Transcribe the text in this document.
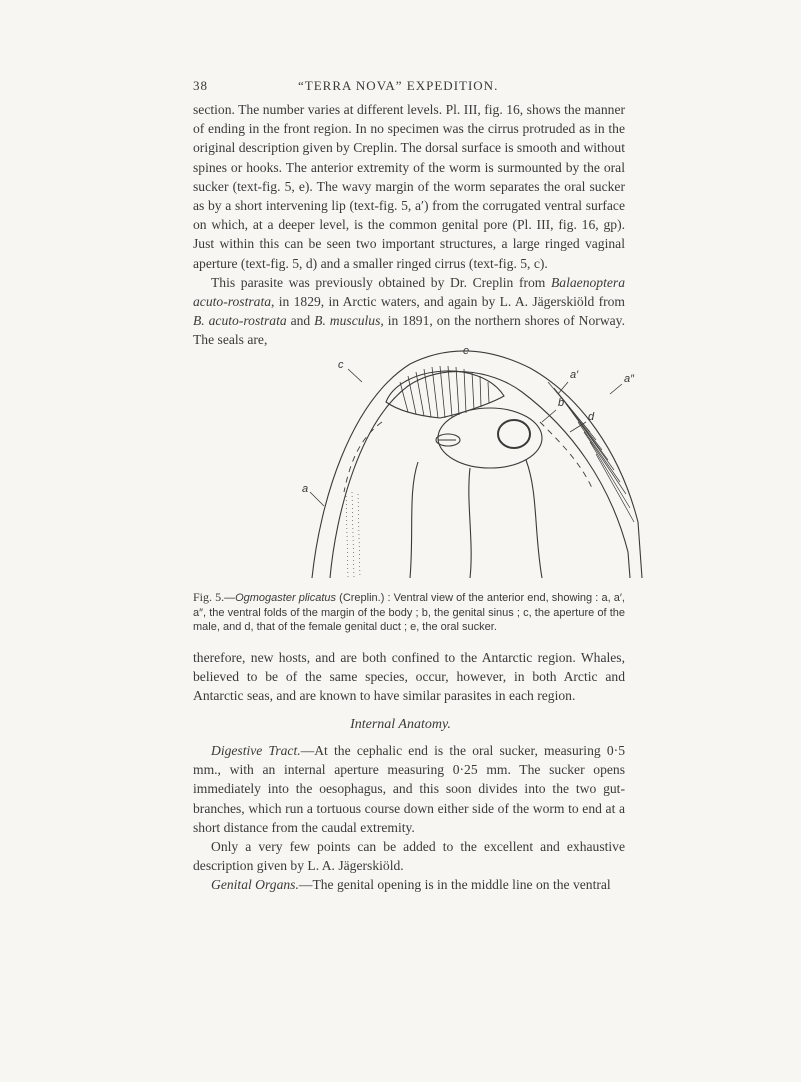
38	“TERRA NOVA” EXPEDITION.

section. The number varies at different levels. Pl. III, fig. 16, shows the manner of ending in the front region. In no specimen was the cirrus protruded as in the original description given by Creplin. The dorsal surface is smooth and without spines or hooks. The anterior extremity of the worm is surmounted by the oral sucker (text-fig. 5, e). The wavy margin of the worm separates the oral sucker as by a short intervening lip (text-fig. 5, a′) from the corrugated ventral surface on which, at a deeper level, is the common genital pore (Pl. III, fig. 16, gp). Just within this can be seen two important structures, a large ringed vaginal aperture (text-fig. 5, d) and a smaller ringed cirrus (text-fig. 5, c).

This parasite was previously obtained by Dr. Creplin from Balaenoptera acuto-rostrata, in 1829, in Arctic waters, and again by L. A. Jägerskiöld from B. acuto-rostrata and B. musculus, in 1891, on the northern shores of Norway. The seals are,

e
a′
b
d
c
a″
a
Fig. 5.—Ogmogaster plicatus (Creplin.) : Ventral view of the anterior end, showing : a, a′, a″, the ventral folds of the margin of the body ; b, the genital sinus ; c, the aperture of the male, and d, that of the female genital duct ; e, the oral sucker.

therefore, new hosts, and are both confined to the Antarctic region. Whales, believed to be of the same species, occur, however, in both Arctic and Antarctic seas, and are known to have similar parasites in each region.

Internal Anatomy.

Digestive Tract.—At the cephalic end is the oral sucker, measuring 0·5 mm., with an internal aperture measuring 0·25 mm. The sucker opens immediately into the oesophagus, and this soon divides into the two gut-branches, which run a tortuous course down either side of the worm to end at a short distance from the caudal extremity.

Only a very few points can be added to the excellent and exhaustive description given by L. A. Jägerskiöld.

Genital Organs.—The genital opening is in the middle line on the ventral
